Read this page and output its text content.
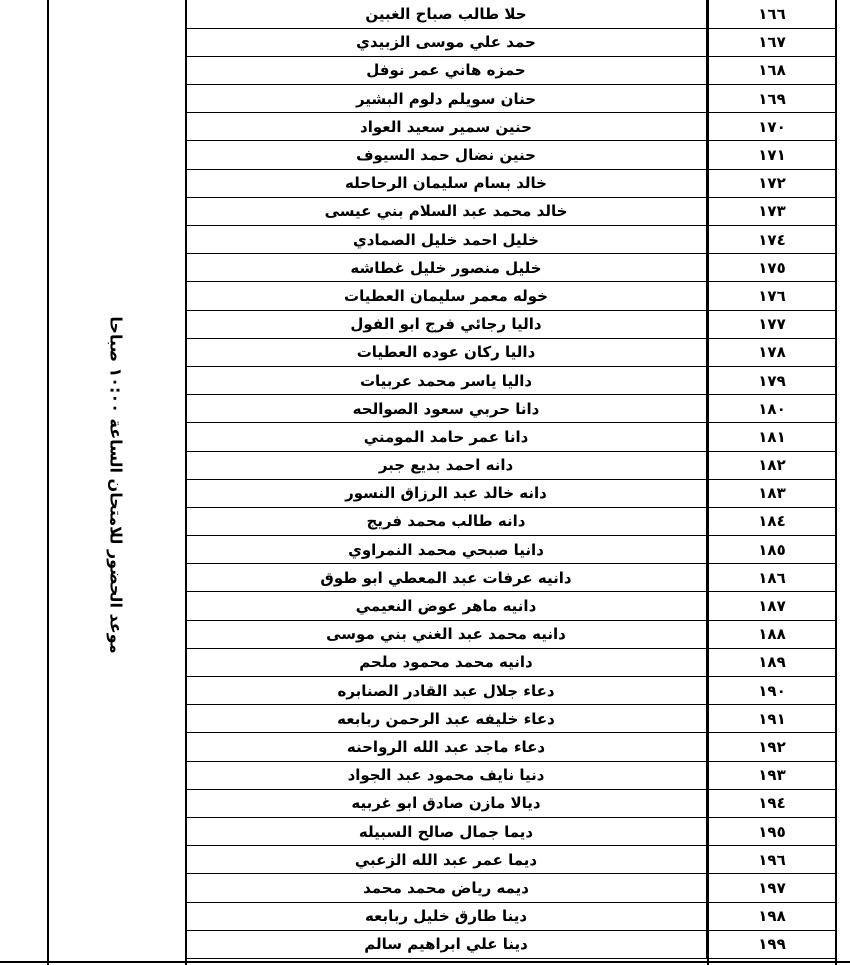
موعد الحضور للامتحان الساعة ١٠:٠٠ صباحا
حلا طالب صباح الغبين	١٦٦
حمد علي موسى الزبيدي	١٦٧
حمزه هاني عمر نوفل	١٦٨
حنان سويلم دلوم البشير	١٦٩
حنين سمير سعيد العواد	١٧٠
حنين نضال حمد السيوف	١٧١
خالد بسام سليمان الرحاحله	١٧٢
خالد محمد عبد السلام بني عيسى	١٧٣
خليل احمد خليل الصمادي	١٧٤
خليل منصور خليل غطاشه	١٧٥
خوله معمر سليمان العطيات	١٧٦
داليا رجائي فرج ابو الفول	١٧٧
داليا ركان عوده العطيات	١٧٨
داليا ياسر محمد عربيات	١٧٩
دانا حربي سعود الصوالحه	١٨٠
دانا عمر حامد المومني	١٨١
دانه احمد بديع جبر	١٨٢
دانه خالد عبد الرزاق النسور	١٨٣
دانه طالب محمد فريج	١٨٤
دانيا صبحي محمد النمراوي	١٨٥
دانيه عرفات عبد المعطي ابو طوق	١٨٦
دانيه ماهر عوض النعيمي	١٨٧
دانيه محمد عبد الغني بني موسى	١٨٨
دانيه محمد محمود ملحم	١٨٩
دعاء جلال عبد القادر الصنابره	١٩٠
دعاء خليفه عبد الرحمن ربابعه	١٩١
دعاء ماجد عبد الله الرواحنه	١٩٢
دنيا نايف محمود عبد الجواد	١٩٣
ديالا مازن صادق ابو غربيه	١٩٤
ديما جمال صالح السبيله	١٩٥
ديما عمر عبد الله الزعبي	١٩٦
ديمه رياض محمد محمد	١٩٧
دينا طارق خليل ربابعه	١٩٨
دينا علي ابراهيم سالم	١٩٩
